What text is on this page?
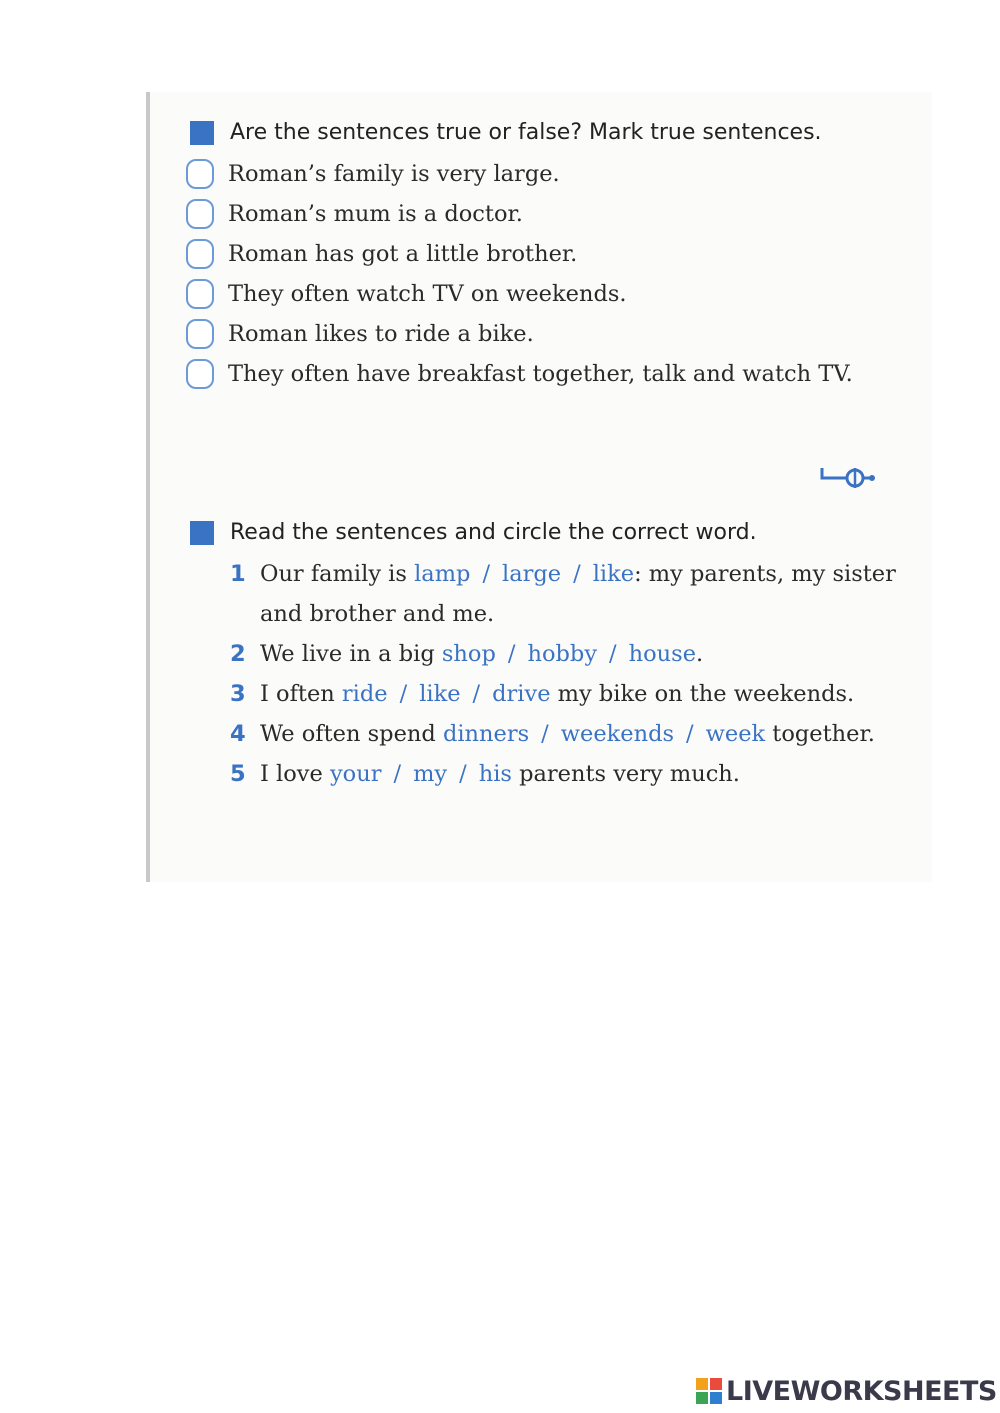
Are the sentences true or false? Mark true sentences.
Roman’s family is very large.
Roman’s mum is a doctor.
Roman has got a little brother.
They often watch TV on weekends.
Roman likes to ride a bike.
They often have breakfast together, talk and watch TV.
Read the sentences and circle the correct word.
1 Our family is lamp / large / like: my parents, my sister and brother and me.
2 We live in a big shop / hobby / house.
3 I often ride / like / drive my bike on the weekends.
4 We often spend dinners / weekends / week together.
5 I love your / my / his parents very much.
LIVEWORKSHEETS
